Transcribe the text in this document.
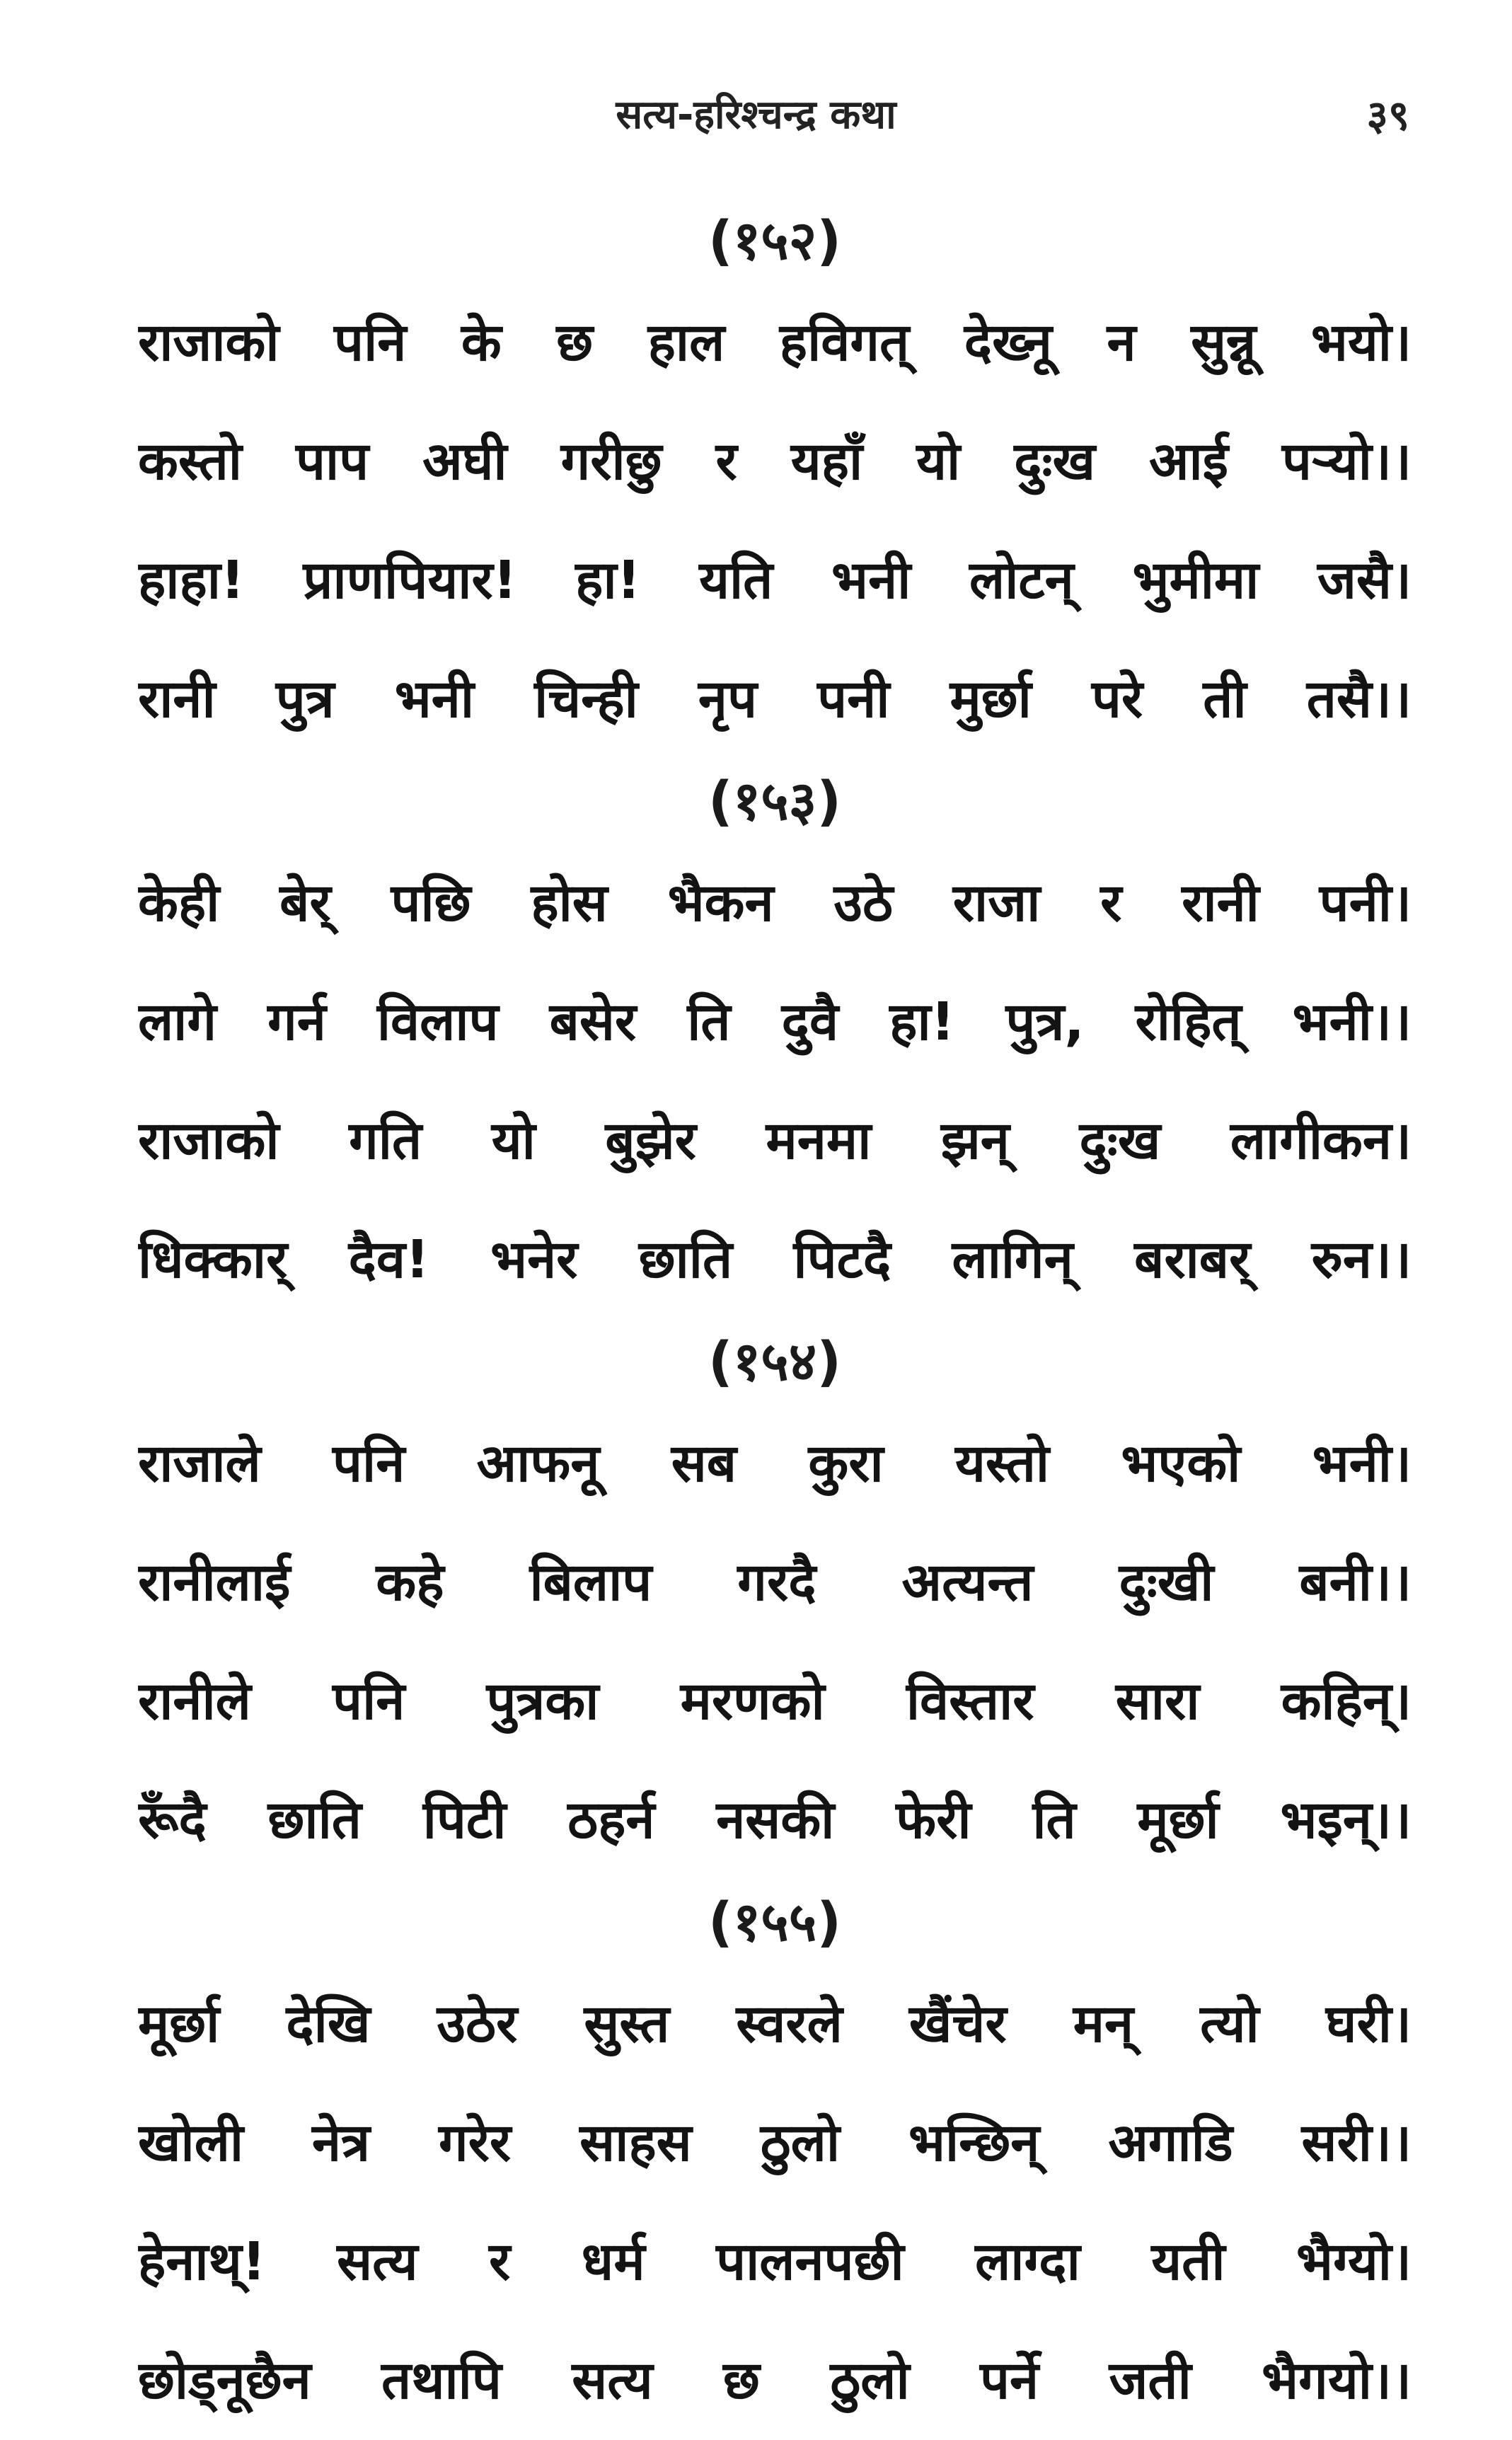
सत्य-हरिश्चन्द्र कथा	३९
(१५२)
राजाको पनि के छ हाल हविगत् देख्नू न सुन्नू भयो।
कस्तो पाप अघी गरीछु र यहाँ यो दुःख आई पऱ्यो।।
हाहा! प्राणपियार! हा! यति भनी लोटन् भुमीमा जसै।
रानी पुत्र भनी चिन्ही नृप पनी मुर्छा परे ती तसै।।
(१५३)
केही बेर् पछि होस भैकन उठे राजा र रानी पनी।
लागे गर्न विलाप बसेर ति दुवै हा! पुत्र, रोहित् भनी।।
राजाको गति यो बुझेर मनमा झन् दुःख लागीकन।
धिक्कार् दैव! भनेर छाति पिटदै लागिन् बराबर् रुन।।
(१५४)
राजाले पनि आफनू सब कुरा यस्तो भएको भनी।
रानीलाई कहे बिलाप गरदै अत्यन्त दुःखी बनी।।
रानीले पनि पुत्रका मरणको विस्तार सारा कहिन्।
रूँदै छाति पिटी ठहर्न नसकी फेरी ति मूर्छा भइन्।।
(१५५)
मूर्छा देखि उठेर सुस्त स्वरले खैंचेर मन् त्यो घरी।
खोली नेत्र गरेर साहस ठुलो भन्छिन् अगाडि सरी।।
हेनाथ्! सत्य र धर्म पालनपछी लाग्दा यती भैग्यो।
छोड्नूछैन तथापि सत्य छ ठुलो पर्ने जती भैगयो।।
